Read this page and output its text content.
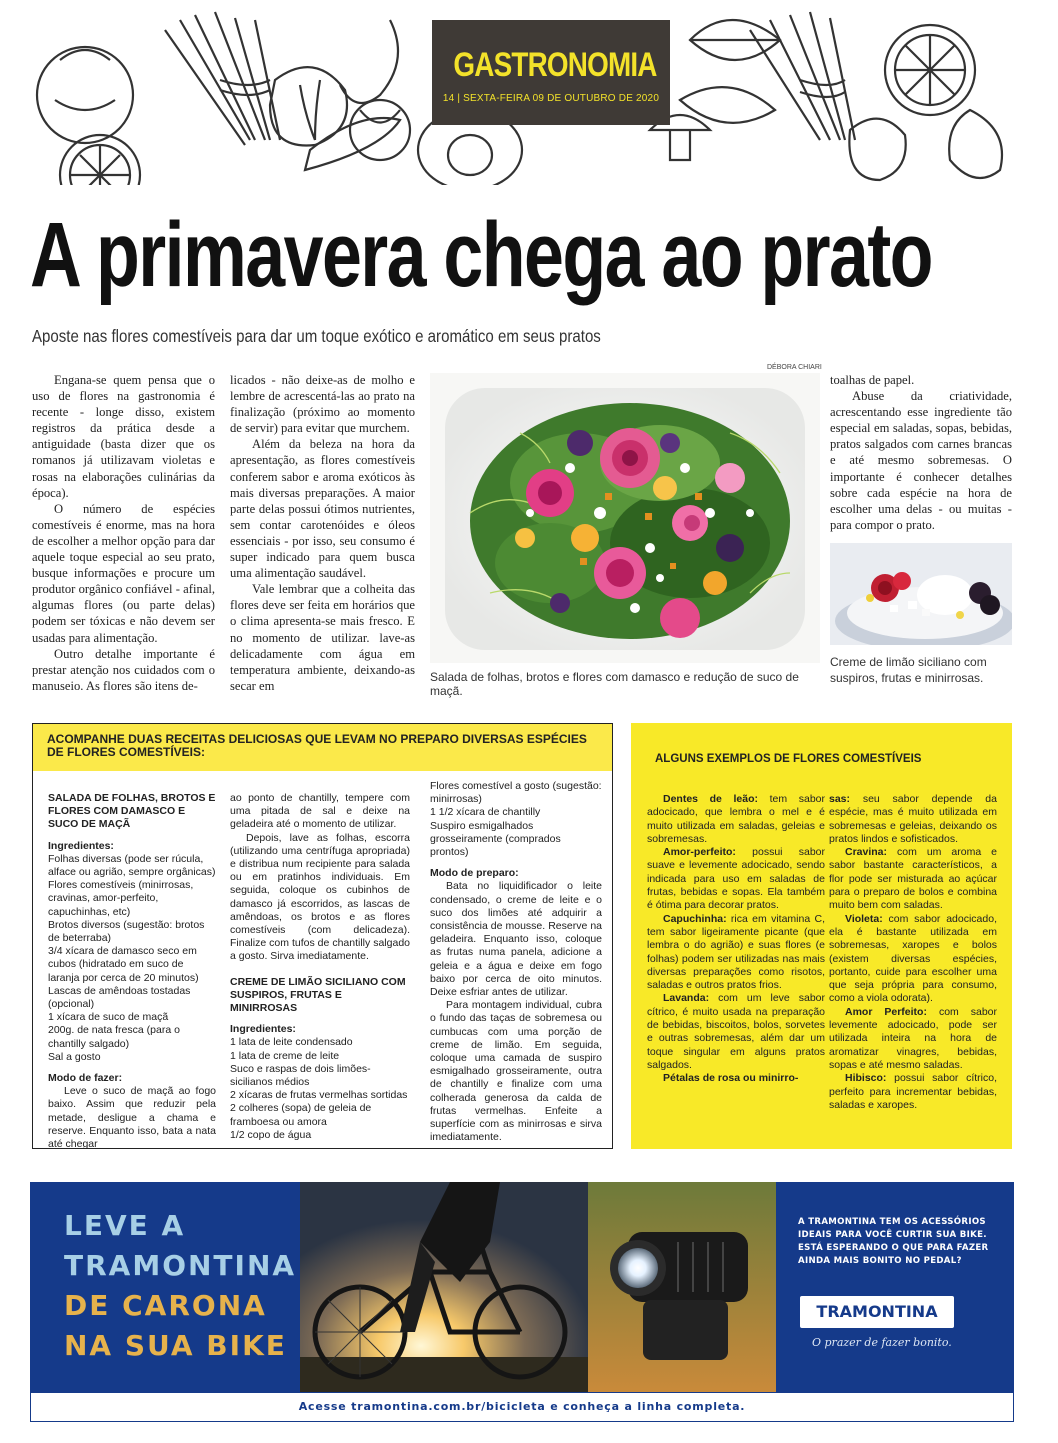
GASTRONOMIA
14 | SEXTA-FEIRA 09 DE OUTUBRO DE 2020
A primavera chega ao prato
Aposte nas flores comestíveis para dar um toque exótico e aromático em seus pratos

Engana-se quem pensa que o uso de flores na gastronomia é recente - longe disso, existem registros da prática desde a antiguidade (basta dizer que os romanos já utilizavam violetas e rosas na elaborações culinárias da época).

O número de espécies comestíveis é enorme, mas na hora de escolher a melhor opção para dar aquele toque especial ao seu prato, busque informações e procure um produtor orgânico confiável - afinal, algumas flores (ou parte delas) podem ser tóxicas e não devem ser usadas para alimentação.

Outro detalhe importante é prestar atenção nos cuidados com o manuseio. As flores são itens de-

licados - não deixe-as de molho e lembre de acrescentá-las ao prato na finalização (próximo ao momento de servir) para evitar que murchem.

Além da beleza na hora da apresentação, as flores comestíveis conferem sabor e aroma exóticos às mais diversas preparações. A maior parte delas possui ótimos nutrientes, sem contar carotenóides e óleos essenciais - por isso, seu consumo é super indicado para quem busca uma alimentação saudável.

Vale lembrar que a colheita das flores deve ser feita em horários que o clima apresenta-se mais fresco. E no momento de utilizar. lave-as delicadamente com água em temperatura ambiente, deixando-as secar em

DÉBORA CHIARI
Salada de folhas, brotos e flores com damasco e redução de suco de maçã.

toalhas de papel.

Abuse da criatividade, acrescentando esse ingrediente tão especial em saladas, sopas, bebidas, pratos salgados com carnes brancas e até mesmo sobremesas. O importante é conhecer detalhes sobre cada espécie na hora de escolher uma delas - ou muitas - para compor o prato.

Creme de limão siciliano com suspiros, frutas e minirrosas.
ACOMPANHE DUAS RECEITAS DELICIOSAS QUE LEVAM NO PREPARO DIVERSAS ESPÉCIES DE FLORES COMESTÍVEIS:
SALADA DE FOLHAS, BROTOS E FLORES COM DAMASCO E SUCO DE MAÇÃ
Ingredientes:
Folhas diversas (pode ser rúcula, alface ou agrião, sempre orgânicas)
Flores comestíveis (minirrosas, cravinas, amor-perfeito, capuchinhas, etc)
Brotos diversos (sugestão: brotos de beterraba)
3/4 xícara de damasco seco em cubos (hidratado em suco de laranja por cerca de 20 minutos)
Lascas de amêndoas tostadas (opcional)
1 xícara de suco de maçã
200g. de nata fresca (para o chantilly salgado)
Sal a gosto
Modo de fazer:
Leve o suco de maçã ao fogo baixo. Assim que reduzir pela metade, desligue a chama e reserve. Enquanto isso, bata a nata até chegar
ao ponto de chantilly, tempere com uma pitada de sal e deixe na geladeira até o momento de utilizar.
Depois, lave as folhas, escorra (utilizando uma centrífuga apropriada) e distribua num recipiente para salada ou em pratinhos individuais. Em seguida, coloque os cubinhos de damasco já escorridos, as lascas de amêndoas, os brotos e as flores comestíveis (com delicadeza). Finalize com tufos de chantilly salgado a gosto. Sirva imediatamente.
CREME DE LIMÃO SICILIANO COM SUSPIROS, FRUTAS E MINIRROSAS
Ingredientes:
1 lata de leite condensado
1 lata de creme de leite
Suco e raspas de dois limões-sicilianos médios
2 xícaras de frutas vermelhas sortidas
2 colheres (sopa) de geleia de framboesa ou amora
1/2 copo de água
Flores comestível a gosto (sugestão: minirrosas)
1 1/2 xícara de chantilly
Suspiro esmigalhados grosseiramente (comprados prontos)
Modo de preparo:
Bata no liquidificador o leite condensado, o creme de leite e o suco dos limões até adquirir a consistência de mousse. Reserve na geladeira. Enquanto isso, coloque as frutas numa panela, adicione a geleia e a água e deixe em fogo baixo por cerca de oito minutos. Deixe esfriar antes de utilizar.
Para montagem individual, cubra o fundo das taças de sobremesa ou cumbucas com uma porção de creme de limão. Em seguida, coloque uma camada de suspiro esmigalhado grosseiramente, outra de chantilly e finalize com uma colherada generosa da calda de frutas vermelhas. Enfeite a superfície com as minirrosas e sirva imediatamente.
ALGUNS EXEMPLOS DE FLORES COMESTÍVEIS

Dentes de leão: tem sabor adocicado, que lembra o mel e é muito utilizada em saladas, geleias e sobremesas.

Amor-perfeito: possui sabor suave e levemente adocicado, sendo indicada para uso em saladas de frutas, bebidas e sopas. Ela também é ótima para decorar pratos.

Capuchinha: rica em vitamina C, tem sabor ligeiramente picante (que lembra o do agrião) e suas flores (e folhas) podem ser utilizadas nas mais diversas preparações como risotos, saladas e outros pratos frios.

Lavanda: com um leve sabor cítrico, é muito usada na preparação de bebidas, biscoitos, bolos, sorvetes e outras sobremesas, além dar um toque singular em alguns pratos salgados.

Pétalas de rosa ou minirro-

sas: seu sabor depende da espécie, mas é muito utilizada em sobremesas e geleias, deixando os pratos lindos e sofisticados.

Cravina: com um aroma e sabor bastante característicos, a flor pode ser misturada ao açúcar para o preparo de bolos e combina muito bem com saladas.

Violeta: com sabor adocicado, ela é bastante utilizada em sobremesas, xaropes e bolos (existem diversas espécies, portanto, cuide para escolher uma que seja própria para consumo, como a viola odorata).

Amor Perfeito: com sabor levemente adocicado, pode ser utilizada inteira na hora de aromatizar vinagres, bebidas, sopas e até mesmo saladas.

Hibisco: possui sabor cítrico, perfeito para incrementar bebidas, saladas e xaropes.

LEVE A
TRAMONTINA
DE CARONA
NA SUA BIKE
A TRAMONTINA TEM OS ACESSÓRIOS IDEAIS PARA VOCÊ CURTIR SUA BIKE. ESTÁ ESPERANDO O QUE PARA FAZER AINDA MAIS BONITO NO PEDAL?
TRAMONTINA
O prazer de fazer bonito.
Acesse tramontina.com.br/bicicleta e conheça a linha completa.
